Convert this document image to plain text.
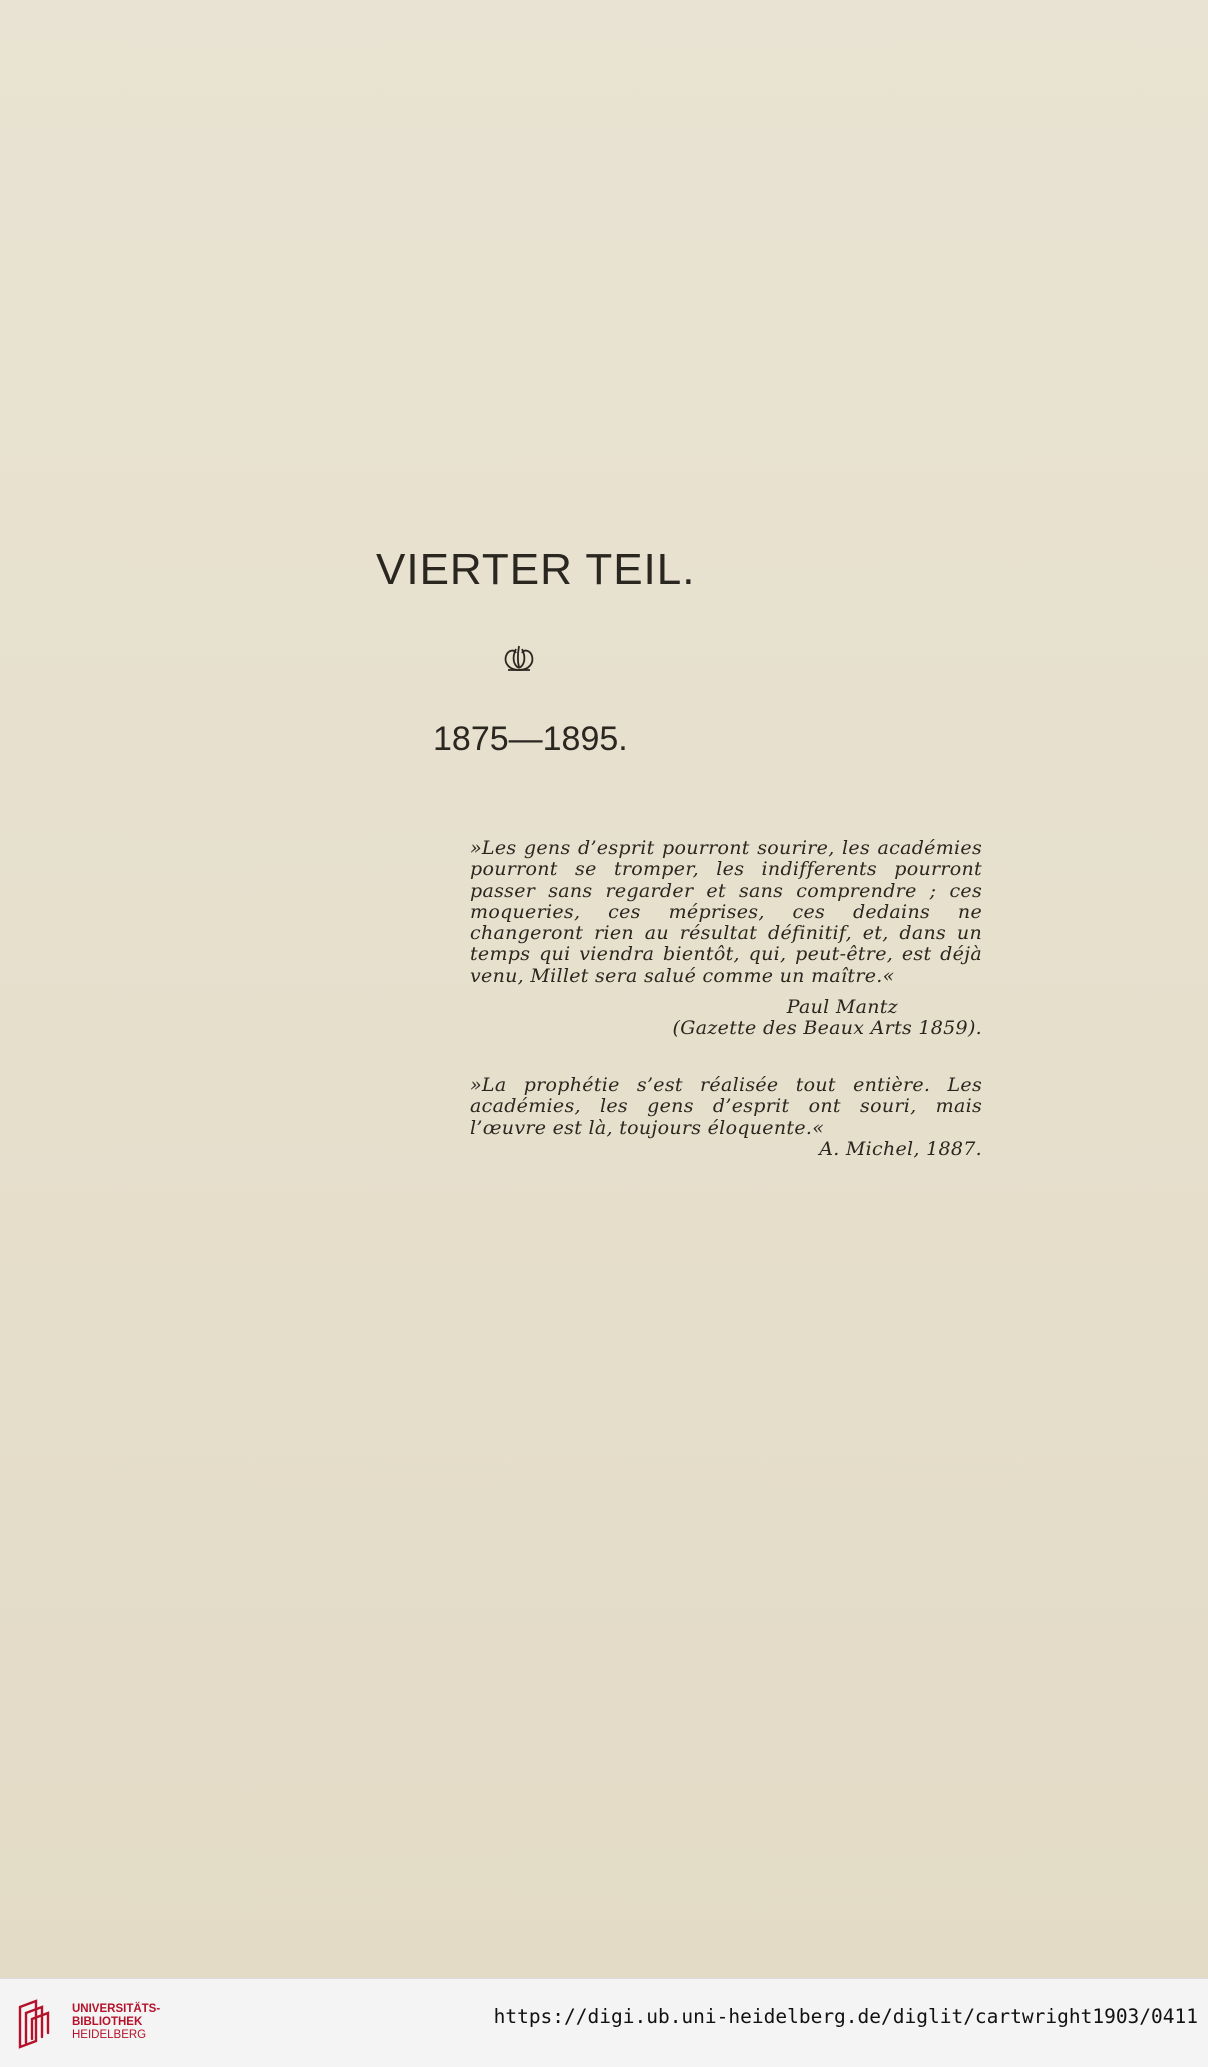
VIERTER TEIL.
1875—1895.

»Les gens d’esprit pourront sourire, les académies pourront se tromper, les indifferents pourront passer sans regarder et sans comprendre ; ces moqueries, ces méprises, ces dedains ne changeront rien au résultat définitif, et, dans un temps qui viendra bientôt, qui, peut-être, est déjà venu, Millet sera salué comme un maître.«

Paul Mantz
(Gazette des Beaux Arts 1859).

»La prophétie s’est réalisée tout entière. Les académies, les gens d’esprit ont souri, mais l’œuvre est là, toujours éloquente.«

A. Michel, 1887.
UNIVERSITÄTS-
BIBLIOTHEK
HEIDELBERG
https://digi.ub.uni-heidelberg.de/diglit/cartwright1903/0411
